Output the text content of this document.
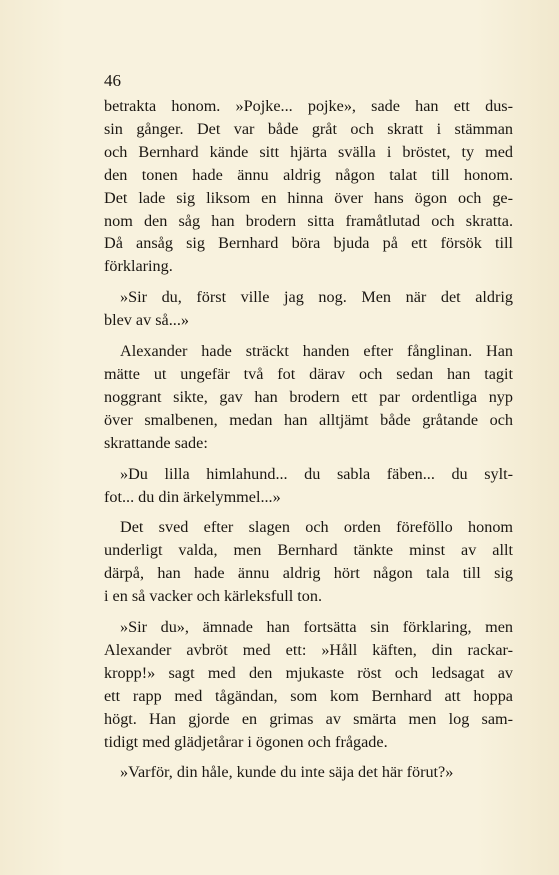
46
betrakta honom. »Pojke... pojke», sade han ett dus-
sin gånger. Det var både gråt och skratt i stämman
och Bernhard kände sitt hjärta svälla i bröstet, ty med
den tonen hade ännu aldrig någon talat till honom.
Det lade sig liksom en hinna över hans ögon och ge-
nom den såg han brodern sitta framåtlutad och skratta.
Då ansåg sig Bernhard böra bjuda på ett försök till
förklaring.
»Sir du, först ville jag nog. Men när det aldrig
blev av så...»
Alexander hade sträckt handen efter fånglinan. Han
mätte ut ungefär två fot därav och sedan han tagit
noggrant sikte, gav han brodern ett par ordentliga nyp
över smalbenen, medan han alltjämt både gråtande och
skrattande sade:
»Du lilla himlahund... du sabla fäben... du sylt-
fot... du din ärkelymmel...»
Det sved efter slagen och orden föreföllo honom
underligt valda, men Bernhard tänkte minst av allt
därpå, han hade ännu aldrig hört någon tala till sig
i en så vacker och kärleksfull ton.
»Sir du», ämnade han fortsätta sin förklaring, men
Alexander avbröt med ett: »Håll käften, din rackar-
kropp!» sagt med den mjukaste röst och ledsagat av
ett rapp med tågändan, som kom Bernhard att hoppa
högt. Han gjorde en grimas av smärta men log sam-
tidigt med glädjetårar i ögonen och frågade.
»Varför, din håle, kunde du inte säja det här förut?»
